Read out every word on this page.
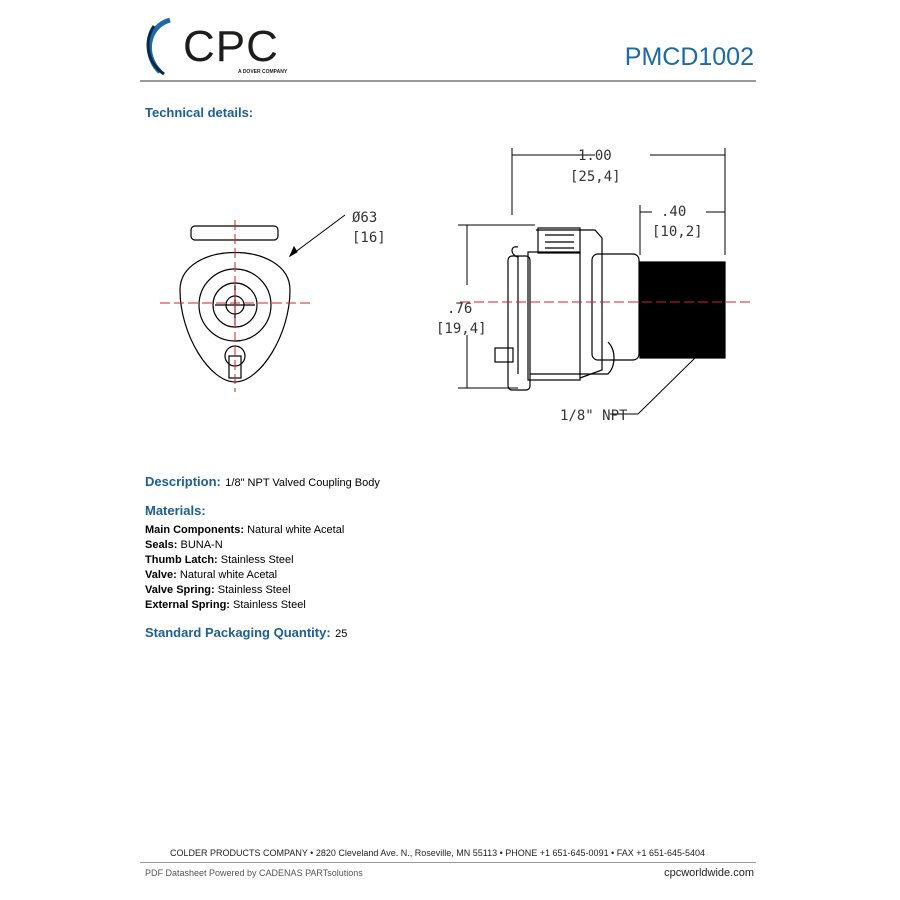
CPC
A DOVER COMPANY
PMCD1002
Technical details:
Ø63
[16]
1.00
[25,4]
.40
[10,2]
.76
[19,4]
1/8" NPT
Description: 1/8" NPT Valved Coupling Body
Materials:
Main Components: Natural white Acetal
Seals: BUNA-N
Thumb Latch: Stainless Steel
Valve: Natural white Acetal
Valve Spring: Stainless Steel
External Spring: Stainless Steel
Standard Packaging Quantity: 25
COLDER PRODUCTS COMPANY • 2820 Cleveland Ave. N., Roseville, MN 55113 • PHONE +1 651-645-0091 • FAX +1 651-645-5404
PDF Datasheet Powered by CADENAS PARTsolutions	cpcworldwide.com
